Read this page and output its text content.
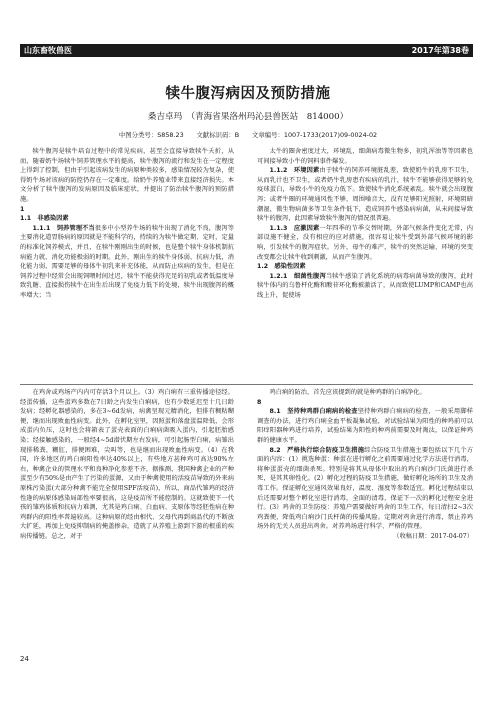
山东畜牧兽医	2017年第38卷
犊牛腹泻病因及预防措施
桑吉卓玛　（青海省果洛州玛沁县兽医站　814000）
中图分类号：S858.23　　文献标识码：B　　文章编号：1007-1733(2017)09-0024-02

犊牛腹泻是犊牛培育过程中的常见疾病，甚至会直接导致犊牛夭折，从而，随着奶牛场犊牛饲养管理水平的提高，犊牛腹泻的流行和发生在一定程度上得到了控制，但由于引起该病发生的病原种类较多，感染情况较为复杂，使得奶牛场对该病的防控仍存在一定难度。给奶牛养殖业带来直接经济损失。本文分析了犊牛腹泻的发病原因及临床症状，并提出了防治犊牛腹泻的预防措施。

1　

1.1　非感染因素

1.1.1　饲养管理不当很多中小型养牛场的犊牛出现了消化不良，腹泻等主要消化道胃肠病的原因就是不能科学的，持续的为犊牛做定期、定时，定量的标准化饲养模式，并且，在犊牛刚刚出生的时候，也是整个犊牛身体机制抗病能力就，消化功能极弱的时期。此外，刚出生的犊牛身体弱，抗病力低，消化能力弱，需要足够的母体牛初乳来补充体能，从而防止疾病的发生，但是在饲养过程中经常会出现饲喂时间过迟，犊牛不能获得充足的初乳或者低温度导致乳糖、直接损伤犊牛在出生后出现了免疫力低下的处境，犊牛出现腹泻的概率增大；当

太牛的圈舍密度过大，环境乱，细菌病毒微生物多，初乳浑浊等等因素也可间接导致小牛的饲料事件爆发。

1.1.2　环境因素由于犊牛的饲养环境脏乱差，致使奶牛的乳房不卫生，从而乳汁也不卫生，或者奶牛乳房患有疾病的乳汁，犊牛不能够获得足够的免疫球蛋白，导致小牛的免疫力低下。致使犊牛消化系统紊乱。犊牛就会出现腹泻；或者牛圈的环境通风性不够，周围噪音大，没有足够阳光照射，环境阴暗潮湿，微生物病菌多等卫生条件低下，造成饲养牛感染病病菌，从未间接导致犊牛的腹泻，此因素导致犊牛腹泻的情况很普遍。

1.1.3　应激因素一年四季的节季交替时期，外部气候条件变化无常，内部设施不健全，没有相应的应对措施，很容易让犊牛受到外部气候环境的影响，引发犊牛的腹泻症状。另外，母牛的难产，犊牛的突然运输、环境的突变改变都会让犊牛收到刺激，从而产生腹泻。

1.2　感染性因素

1.2.1　细菌性腹泻当犊牛感染了消化系统的病毒病菌导致的腹泻，此时犊牛体内的乌鲁杆化酶和酸苷环化酶被激活了，从而致使LUMP和CAMP也高线上升，促使场

在鸡舍或鸡场产内内可存活3个月以上。（3）鸡白痢有三重传播途径经。经蛋传播，这些蛋鸡多数在7日龄之内发生白痢病，也有少数延迟至十几日龄发病；经孵化器感染的，多在3~6d发病，病禽呈现元精消化，但排有稠粘糊便，继而出现败血性病变。此外，在孵化室里，因照蛋和落盘蛋温降低，会形成蛋内负压，这时也会将箱表了蛋壳表面的白痢病菌吸入蛋内，引起胚胎感染；经接触感染的，一般经4~5d潜伏期左右发病，可引起肠型白痢，病雏出现排稀粪，糊肛，排便困难，尖叫等，也是继而出现败血性病变。（4）在我国，许多地区的鸡白痢阳性率达40%以上，有些地方甚种鸡可高达90%左右，种禽企业的管理水平和良种净化参差不齐，据推测，我国种禽企业的产种蛋至少有50%是由产生了污染的蛋源，又由于种禽使用的活疫苗导致的外来病原株污染蛋(大部分种禽不能完全保用SPF活疫苗)，所以，商品代雏鸡的经济性逢的病原体感染局部性率要很高，这是疫苗所不能控制的。这就致使下一代孩的雏鸡体质和抗病力难测，尤其是鸡白痢、白血病、支原体等经胚性病在种鸡群内的阳性率普遍较高。这种病原的经由相代、父母代再到商品代的不断放大扩延，再加上免疫抑制病的掩盖掺杂，造就了从养殖上游到下游的根重的疾病传播链。总之，对于

鸡白痢的防治，首先应该提到的就是种鸡群的白痢净化。

8

8.1　坚持种鸡群白痢病的检查坚持种鸡群白痢病的检查，一般采用脚样调查的办法，进行鸡白痢全血平板凝集试验，对试验结果为阳性的种鸡前可以阳痒阳器种鸡进行培养，试验结果为阳性的种鸡前需要及时淘汰，以保证种鸡群的健康水平。

8.2　严格执行综合防疫卫生措施综合防疫卫生措施主要包括以下几个方面的内容：(1）挑选种蛋：种蛋在进行孵化之前需要通过化学方法进行消毒，将种蛋蛋壳的细菌杀死。特别是将其从母体中取出的鸡白痢沙门氏菌进行杀死，是其其卵性化。(2）孵化过程的防疫卫生措施，做好孵化场所的卫生及消毒工作。保证孵化室通风效果良好，温度、湿度等参数适宜。孵化过程结束以后还需要对整个孵化室进行消毒，全面的清毒，保证下一次的孵化过程安全进行。(3）鸡舍的卫生防疫：养殖户需要做好鸡舍的卫生工作，每日清扫2~3次鸡粪便，降低鸡白痢沙门氏杆菌的传播风险。定期对鸡舍进行消毒，禁止养鸡场外的无关人员进出鸡舍。对养鸡场进行科学、严格的管理。

（收稿日期：2017-04-07）

24
